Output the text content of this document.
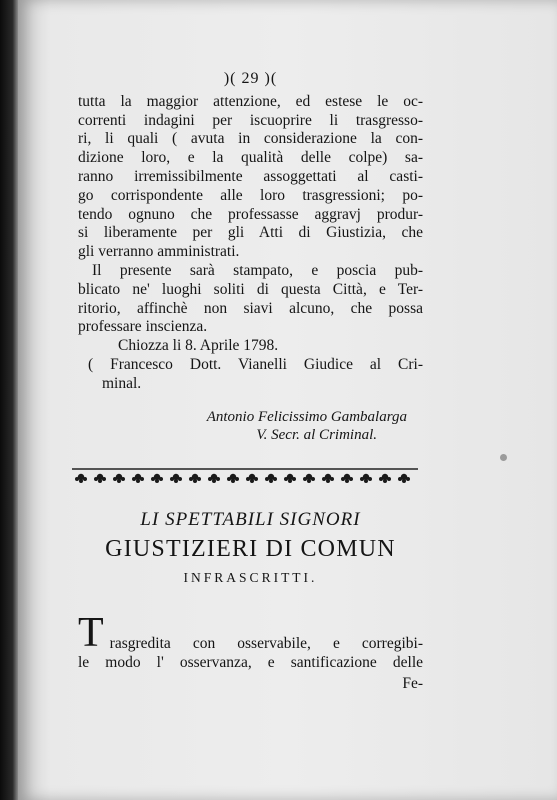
)( 29 )(
tutta la maggior attenzione, ed estese le oc-
correnti indagini per iscuoprire li trasgresso-
ri, li quali ( avuta in considerazione la con-
dizione loro, e la qualità delle colpe) sa-
ranno irremissibilmente assoggettati al casti-
go corrispondente alle loro trasgressioni; po-
tendo ognuno che professasse aggravj produr-
si liberamente per gli Atti di Giustizia, che
gli verranno amministrati.
Il presente sarà stampato, e poscia pub-
blicato ne' luoghi soliti di questa Città, e Ter-
ritorio, affinchè non siavi alcuno, che possa
professare inscienza.
Chiozza li 8. Aprile 1798.
( Francesco Dott. Vianelli Giudice al Cri-
minal.
Antonio Felicissimo Gambalarga
V. Secr. al Criminal.
LI SPETTABILI SIGNORI
GIUSTIZIERI DI COMUN
INFRASCRITTI.
T rasgredita con osservabile, e corregibi-
le modo l' osservanza, e santificazione delle
Fe-
